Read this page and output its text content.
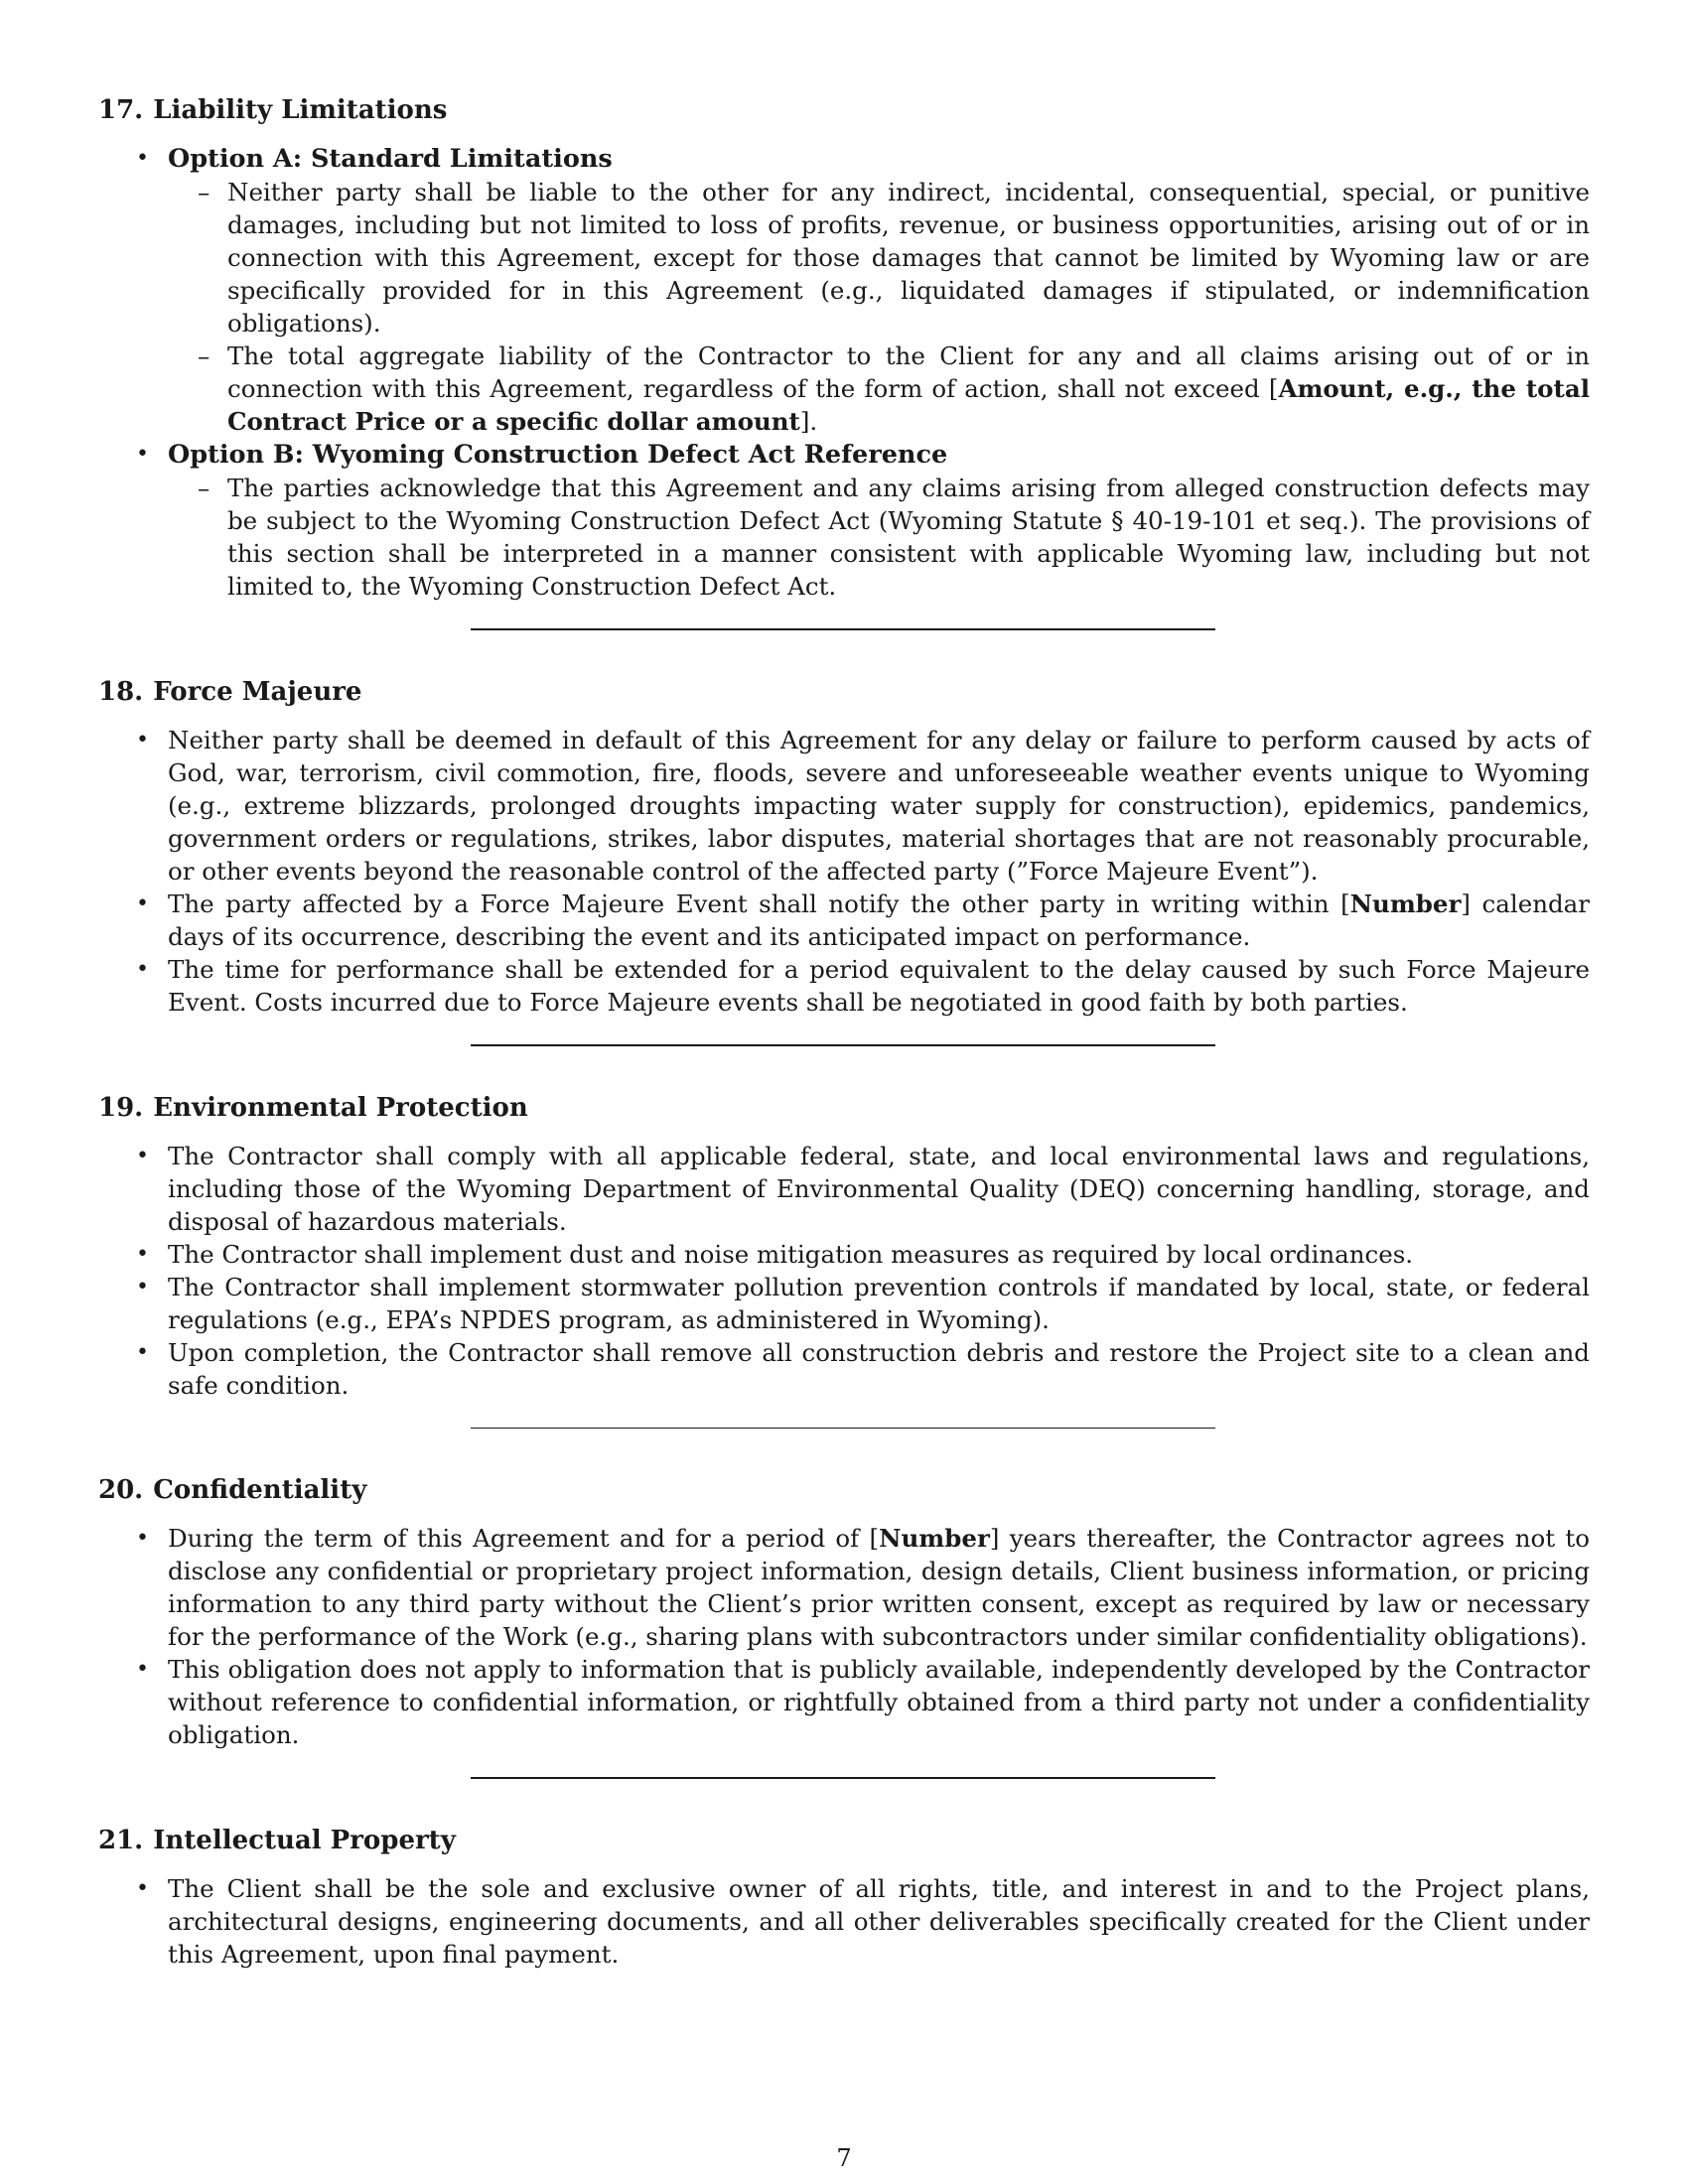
17. Liability Limitations
• Option A: Standard Limitations
– Neither party shall be liable to the other for any indirect, incidental, consequential, special, or punitive damages, including but not limited to loss of profits, revenue, or business opportunities, arising out of or in connection with this Agreement, except for those damages that cannot be limited by Wyoming law or are specifically provided for in this Agreement (e.g., liquidated damages if stipulated, or indemnification obligations).
– The total aggregate liability of the Contractor to the Client for any and all claims arising out of or in connection with this Agreement, regardless of the form of action, shall not exceed [Amount, e.g., the total Contract Price or a specific dollar amount].
• Option B: Wyoming Construction Defect Act Reference
– The parties acknowledge that this Agreement and any claims arising from alleged construction defects may be subject to the Wyoming Construction Defect Act (Wyoming Statute § 40-19-101 et seq.). The provisions of this section shall be interpreted in a manner consistent with applicable Wyoming law, including but not limited to, the Wyoming Construction Defect Act.
18. Force Majeure
• Neither party shall be deemed in default of this Agreement for any delay or failure to perform caused by acts of God, war, terrorism, civil commotion, fire, floods, severe and unforeseeable weather events unique to Wyoming (e.g., extreme blizzards, prolonged droughts impacting water supply for construction), epidemics, pandemics, government orders or regulations, strikes, labor disputes, material shortages that are not reasonably procurable, or other events beyond the reasonable control of the affected party (”Force Majeure Event”).
• The party affected by a Force Majeure Event shall notify the other party in writing within [Number] calendar days of its occurrence, describing the event and its anticipated impact on performance.
• The time for performance shall be extended for a period equivalent to the delay caused by such Force Majeure Event. Costs incurred due to Force Majeure events shall be negotiated in good faith by both parties.
19. Environmental Protection
• The Contractor shall comply with all applicable federal, state, and local environmental laws and regulations, including those of the Wyoming Department of Environmental Quality (DEQ) concerning handling, storage, and disposal of hazardous materials.
• The Contractor shall implement dust and noise mitigation measures as required by local ordinances.
• The Contractor shall implement stormwater pollution prevention controls if mandated by local, state, or federal regulations (e.g., EPA’s NPDES program, as administered in Wyoming).
• Upon completion, the Contractor shall remove all construction debris and restore the Project site to a clean and safe condition.
20. Confidentiality
• During the term of this Agreement and for a period of [Number] years thereafter, the Contractor agrees not to disclose any confidential or proprietary project information, design details, Client business information, or pricing information to any third party without the Client’s prior written consent, except as required by law or necessary for the performance of the Work (e.g., sharing plans with subcontractors under similar confidentiality obligations).
• This obligation does not apply to information that is publicly available, independently developed by the Contractor without reference to confidential information, or rightfully obtained from a third party not under a confidentiality obligation.
21. Intellectual Property
• The Client shall be the sole and exclusive owner of all rights, title, and interest in and to the Project plans, architectural designs, engineering documents, and all other deliverables specifically created for the Client under this Agreement, upon final payment.
7
